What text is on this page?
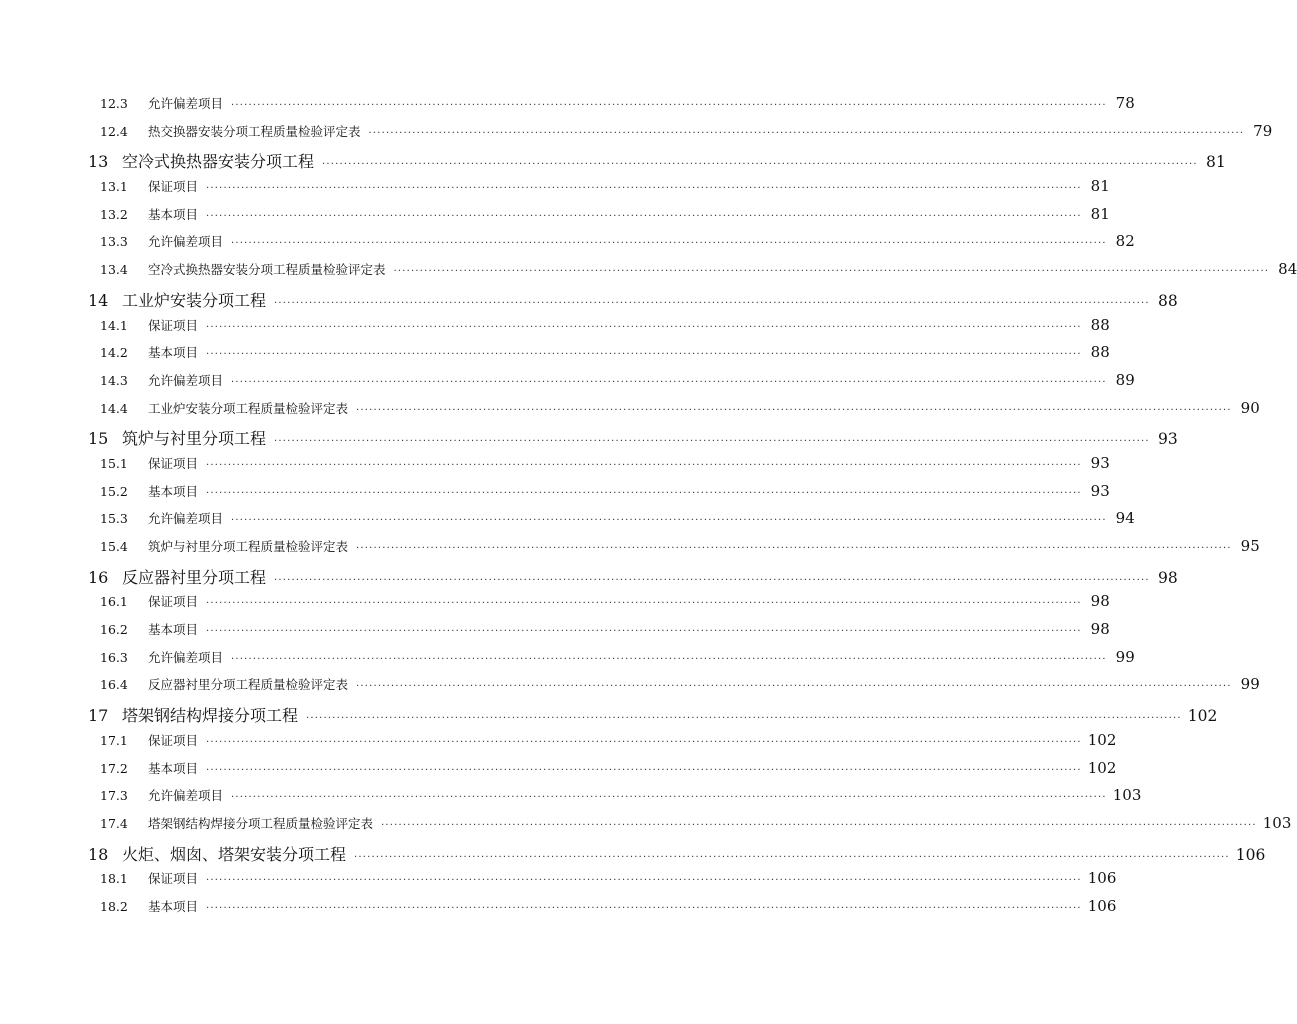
12.3	允许偏差项目 ········································································································································································································ 78
12.4	热交换器安装分项工程质量检验评定表 ········································································································································································································ 79
13 空冷式换热器安装分项工程 ········································································································································································································ 81
13.1	保证项目 ········································································································································································································ 81
13.2	基本项目 ········································································································································································································ 81
13.3	允许偏差项目 ········································································································································································································ 82
13.4	空冷式换热器安装分项工程质量检验评定表 ········································································································································································································ 84
14 工业炉安装分项工程 ········································································································································································································ 88
14.1	保证项目 ········································································································································································································ 88
14.2	基本项目 ········································································································································································································ 88
14.3	允许偏差项目 ········································································································································································································ 89
14.4	工业炉安装分项工程质量检验评定表 ········································································································································································································ 90
15 筑炉与衬里分项工程 ········································································································································································································ 93
15.1	保证项目 ········································································································································································································ 93
15.2	基本项目 ········································································································································································································ 93
15.3	允许偏差项目 ········································································································································································································ 94
15.4	筑炉与衬里分项工程质量检验评定表 ········································································································································································································ 95
16 反应器衬里分项工程 ········································································································································································································ 98
16.1	保证项目 ········································································································································································································ 98
16.2	基本项目 ········································································································································································································ 98
16.3	允许偏差项目 ········································································································································································································ 99
16.4	反应器衬里分项工程质量检验评定表 ········································································································································································································ 99
17 塔架钢结构焊接分项工程 ········································································································································································································ 102
17.1	保证项目 ········································································································································································································ 102
17.2	基本项目 ········································································································································································································ 102
17.3	允许偏差项目 ········································································································································································································ 103
17.4	塔架钢结构焊接分项工程质量检验评定表 ········································································································································································································ 103
18 火炬、烟囱、塔架安装分项工程 ········································································································································································································ 106
18.1	保证项目 ········································································································································································································ 106
18.2	基本项目 ········································································································································································································ 106
